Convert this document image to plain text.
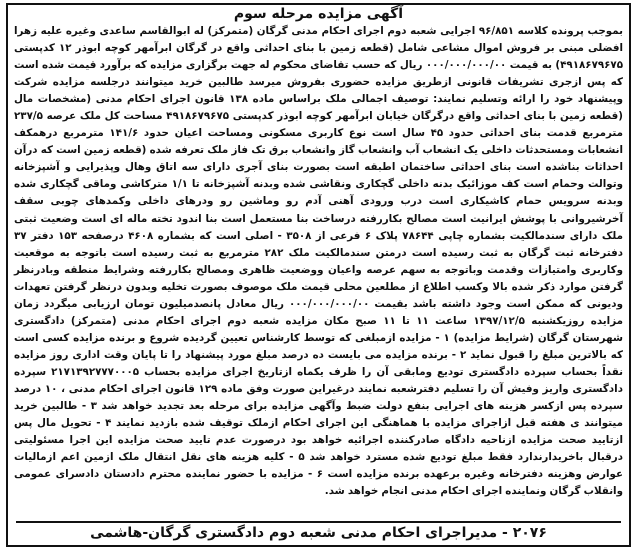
آگهی مزایده مرحله سوم

بموجب پرونده کلاسه ۹۶/۸۵۱ اجرایی شعبه دوم اجرای احکام مدنی گرگان (متمرکز) له ابوالقاسم ساعدی وغیره علیه زهرا افضلی مبنی بر فروش اموال مشاعی شامل (قطعه زمین با بنای احداثی واقع در گرگان ابرآمهر کوچه ابوذر ۱۲ کدپستی ۴۹۱۸۶۷۹۶۷۵) به قیمت ۰۰۰/۰۰۰/۰۰۰/۰۰ ریال که حسب تقاضای محکوم له جهت برگزاری مزایده که برآورد قیمت شده است که پس ازجری تشریفات قانونی ازطریق مزایده حضوری بفروش میرسد طالبین خرید میتوانند درجلسه مزایده شرکت وپیشنهاد خود را ارائه وتسلیم نمایند: توصیف اجمالی ملک براساس ماده ۱۳۸ قانون اجرای احکام مدنی (مشخصات مال (قطعه زمین با بنای احداثی واقع درگرگان خیابان ابرآمهر کوچه ابوذر کدپستی ۴۹۱۸۶۷۹۶۷۵ مساحت کل ملک عرصه ۲۳۷/۵ مترمربع قدمت بنای احداثی حدود ۴۵ سال است نوع کاربری مسکونی ومساحت اعیان حدود ۱۴۱/۶ مترمربع درهمکف انشعابات ومستحدثات داخلی یک انشعاب آب وانشعاب گاز وانشعاب برق تک فاز ملک تعرفه شده (قطعه زمین است که درآن احداثات بناشده است بنای احداثی ساختمان اطبقه است بصورت بنای آجری دارای سه اتاق وهال وپذیرایی و آشپزخانه وتوالت وحمام است کف موزائیک بدنه داخلی گچکاری ونقاشی شده وبدنه آشپزخانه تا ۱/۱ مترکاشی وماقی گچکاری شده وبدنه سرویس حمام کاشیکاری است درب ورودی آهنی آدم رو وماشین رو ودرهای داخلی وکمدهای چوبی سقف آخرشیروانی با پوشش ایرانیت است مصالح بکاررفته درساخت بنا مستعمل است بنا اندود تخته ماله ای است وضعیت ثبتی ملک دارای سندمالکیت بشماره چاپی ۷۸۶۴۴ پلاک ۶ فرعی از ۳۵۰۸ - اصلی است که بشماره ۴۶۰۸ درصفحه ۱۵۳ دفتر ۳۷ دفترخانه ثبت گرگان به ثبت رسیده است درمتن سندمالکیت ملک ۲۸۲ مترمربع به ثبت رسیده است باتوجه به موقعیت وکاربری وامتیازات وقدمت وباتوجه به سهم عرصه واعیان ووضعیت ظاهری ومصالح بکاررفته وشرایط منطقه وبادرنظر گرفتن موارد ذکر شده بالا وکسب اطلاع از مطلعین محلی قیمت ملک موصوف بصورت تخلیه وبدون درنظر گرفتن تعهدات ودیونی که ممکن است وجود داشته باشد بقیمت ۰۰۰/۰۰۰/۰۰۰/۰۰ ریال معادل پانصدمیلیون تومان ارزیابی میگردد زمان مزایده روزیکشنبه ۱۳۹۷/۱۲/۵ ساعت ۱۱ تا ۱۱ صبح مکان مزایده شعبه دوم اجرای احکام مدنی (متمرکز) دادگستری شهرستان گرگان (شرایط مزایده) ۱ - مزایده ازمبلغی که توسط کارشناس تعیین گردیده شروع و برنده مزایده کسی است که بالاترین مبلغ را قبول نماید ۲ - برنده مزایده می بایست ده درصد مبلغ مورد پیشنهاد را تا پایان وقت اداری روز مزایده نقداً بحساب سپرده دادگستری تودیع ومابقی آن را ظرف یکماه ازتاریخ اجرای مزایده بحساب ۲۱۷۱۳۹۲۷۷۷۰۰۰۵ سپرده دادگستری واریز وفیش آن را تسلیم دفترشعبه نمایند درغیراین صورت وفق ماده ۱۲۹ قانون اجرای احکام مدنی ، ۱۰ درصد سپرده پس ازکسر هزینه های اجرایی بنفع دولت ضبط وآگهی مزایده برای مرحله بعد تجدید خواهد شد ۳ - طالبین خرید میتوانند ی هفته قبل ازاجرای مزایده با هماهنگی این اجرای احکام ازملک توقیف شده بازدید نمایند ۴ - تحویل مال پس ازتایید صحت مزایده ازناحیه دادگاه صادرکننده اجرائیه خواهد بود درصورت عدم تایید صحت مزایده این اجرا مسئولیتی درقبال باخریدارندارد فقط مبلغ تودیع شده مسترد خواهد شد ۵ - کلیه هزینه های نقل انتقال ملک ازمین اعم ازمالیات عوارض وهزینه دفترخانه وغیره برعهده برنده مزایده است ۶ - مزایده با حضور نماینده محترم دادستان دادسرای عمومی وانقلاب گرگان ونماینده اجرای احکام مدنی انجام خواهد شد.

۲۰۷۶ - مدیراجرای احکام مدنی شعبه دوم دادگستری گرگان-هاشمی
